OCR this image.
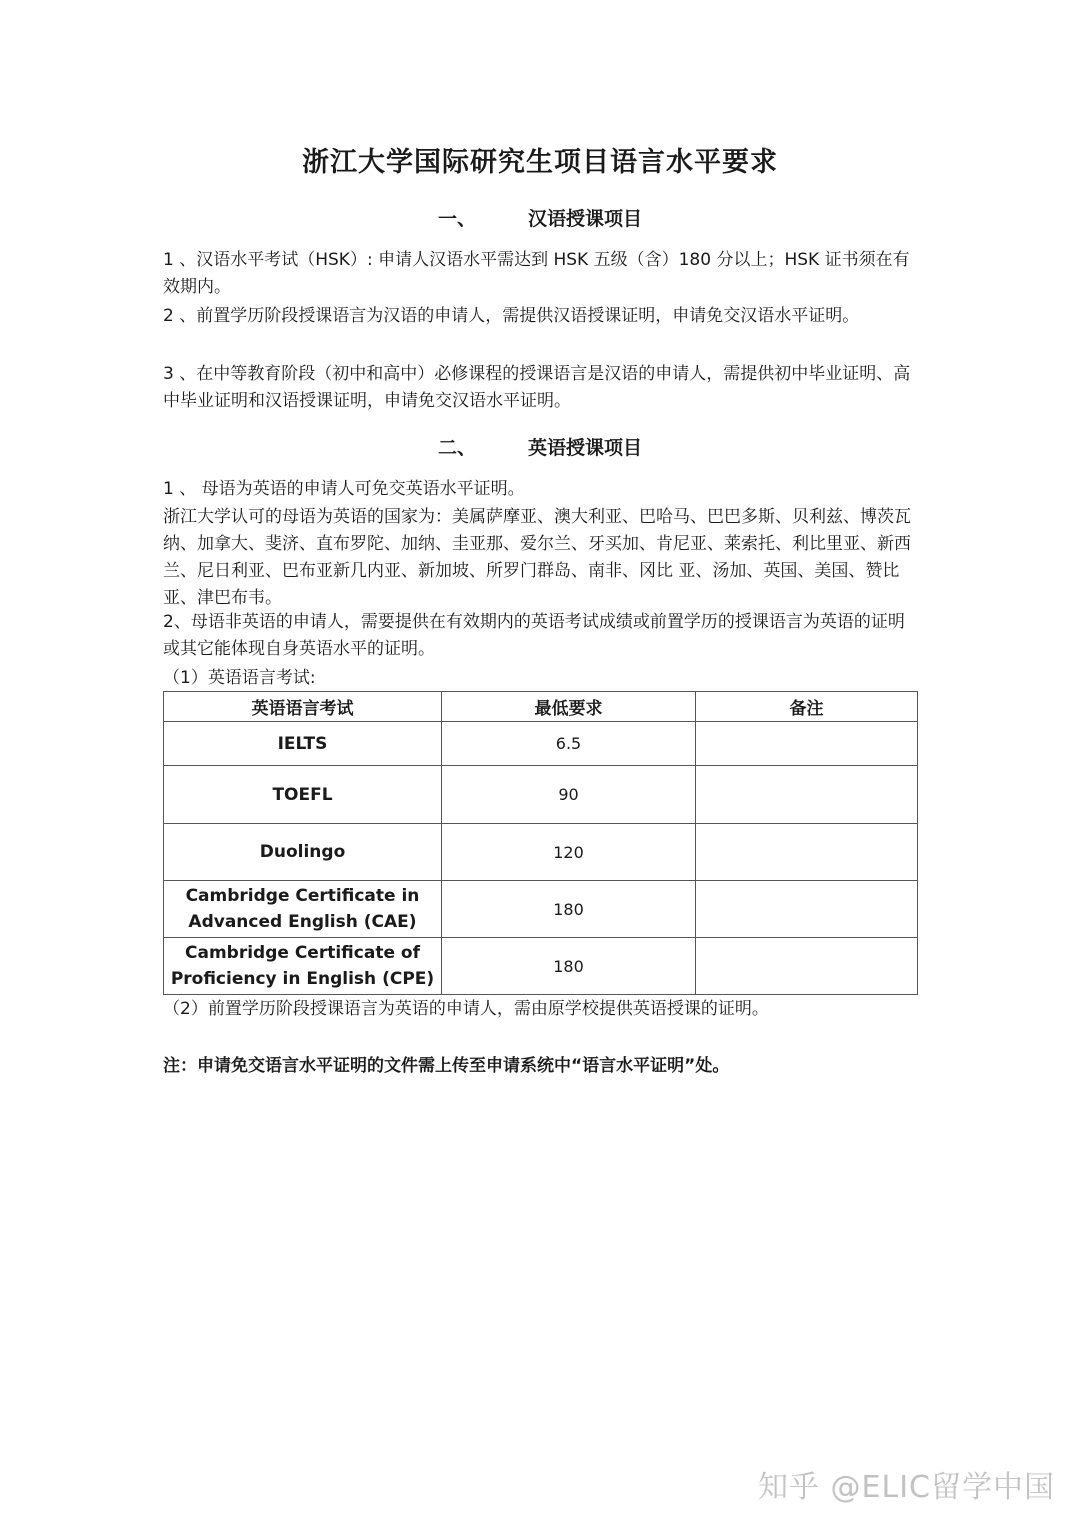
浙江大学国际研究生项目语言水平要求
一、	汉语授课项目

1 、汉语水平考试（HSK）: 申请人汉语水平需达到 HSK 五级（含）180 分以上；HSK 证书须在有效期内。

2 、前置学历阶段授课语言为汉语的申请人，需提供汉语授课证明，申请免交汉语水平证明。

3 、在中等教育阶段（初中和高中）必修课程的授课语言是汉语的申请人，需提供初中毕业证明、高中毕业证明和汉语授课证明，申请免交汉语水平证明。

二、	英语授课项目

1 、 母语为英语的申请人可免交英语水平证明。

浙江大学认可的母语为英语的国家为：美属萨摩亚、澳大利亚、巴哈马、巴巴多斯、贝利兹、博茨瓦纳、加拿大、斐济、直布罗陀、加纳、圭亚那、爱尔兰、牙买加、肯尼亚、莱索托、利比里亚、新西兰、尼日利亚、巴布亚新几内亚、新加坡、所罗门群岛、南非、冈比 亚、汤加、英国、美国、赞比亚、津巴布韦。

2、母语非英语的申请人，需要提供在有效期内的英语考试成绩或前置学历的授课语言为英语的证明或其它能体现自身英语水平的证明。

（1）英语语言考试:

英语语言考试	最低要求	备注
IELTS	6.5	
TOEFL	90	
Duolingo	120	
Cambridge Certificate in Advanced English (CAE)	180	
Cambridge Certificate of Proficiency in English (CPE)	180	

（2）前置学历阶段授课语言为英语的申请人，需由原学校提供英语授课的证明。

注：申请免交语言水平证明的文件需上传至申请系统中“语言水平证明”处。
知乎 @ELIC留学中国
